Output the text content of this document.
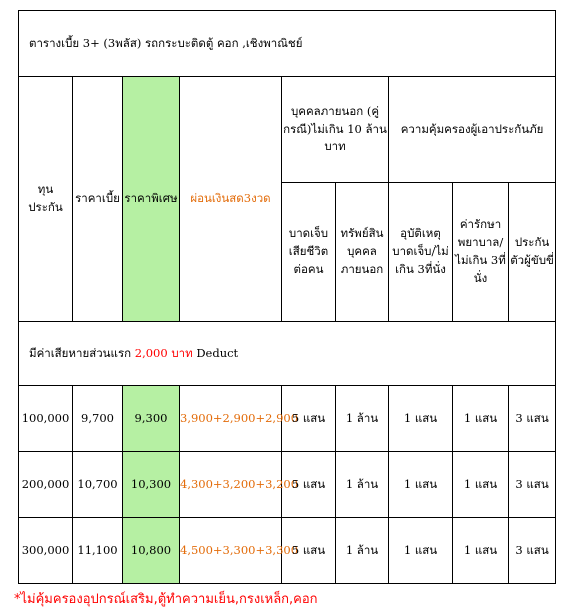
ตารางเบี้ย 3+ (3พลัส) รถกระบะติดตู้ คอก ,เชิงพาณิชย์								
ทุน ประกัน	ราคาเบี้ย	ราคาพิเศษ	ผ่อนเงินสด3งวด	บุคคลภายนอก (คู่กรณี)ไม่เกิน 10 ล้านบาท		ความคุ้มครองผู้เอาประกันภัย		
				บาดเจ็บ เสียชีวิต ต่อคน	ทรัพย์สิน บุคคล ภายนอก	อุบัติเหตุ บาดเจ็บ/ไม่ เกิน 3ที่นั่ง	ค่ารักษา พยาบาล/ ไม่เกิน 3ที่ นั่ง	ประกัน ตัวผู้ขับขี่
มีค่าเสียหายส่วนแรก 2,000 บาท Deduct								
100,000	9,700	9,300	3,900+2,900+2,900	5 แสน	1 ล้าน	1 แสน	1 แสน	3 แสน
200,000	10,700	10,300	4,300+3,200+3,200	5 แสน	1 ล้าน	1 แสน	1 แสน	3 แสน
300,000	11,100	10,800	4,500+3,300+3,300	5 แสน	1 ล้าน	1 แสน	1 แสน	3 แสน
*ไม่คุ้มครองอุปกรณ์เสริม,ตู้ทำความเย็น,กรงเหล็ก,คอก
